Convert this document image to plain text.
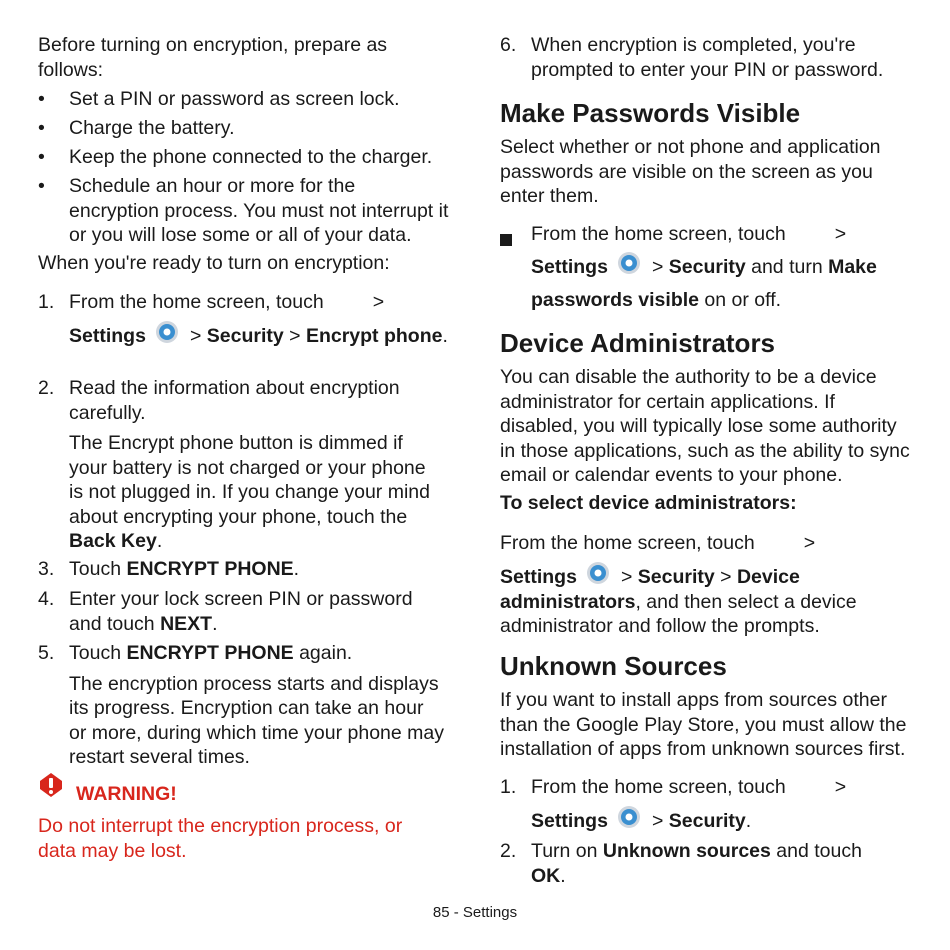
Before turning on encryption, prepare as follows:

• Set a PIN or password as screen lock.
• Charge the battery.
• Keep the phone connected to the charger.
• Schedule an hour or more for the encryption process. You must not interrupt it or you will lose some or all of your data.

When you're ready to turn on encryption:

1. From the home screen, touch	>
Settings > Security > Encrypt phone.
2. Read the information about encryption carefully.
The Encrypt phone button is dimmed if your battery is not charged or your phone is not plugged in. If you change your mind about encrypting your phone, touch the Back Key.
3. Touch ENCRYPT PHONE.
4. Enter your lock screen PIN or password and touch NEXT.
5. Touch ENCRYPT PHONE again.
The encryption process starts and displays its progress. Encryption can take an hour or more, during which time your phone may restart several times.
WARNING!

Do not interrupt the encryption process, or data may be lost.

6. When encryption is completed, you're prompted to enter your PIN or password.
Make Passwords Visible

Select whether or not phone and application passwords are visible on the screen as you enter them.

From the home screen, touch	>
Settings > Security and turn Make passwords visible on or off.
Device Administrators

You can disable the authority to be a device administrator for certain applications. If disabled, you will typically lose some authority in those applications, such as the ability to sync email or calendar events to your phone.

To select device administrators:

From the home screen, touch	>
Settings > Security > Device administrators, and then select a device administrator and follow the prompts.
Unknown Sources

If you want to install apps from sources other than the Google Play Store, you must allow the installation of apps from unknown sources first.

1. From the home screen, touch	>
Settings > Security.
2. Turn on Unknown sources and touch OK.
85 - Settings
